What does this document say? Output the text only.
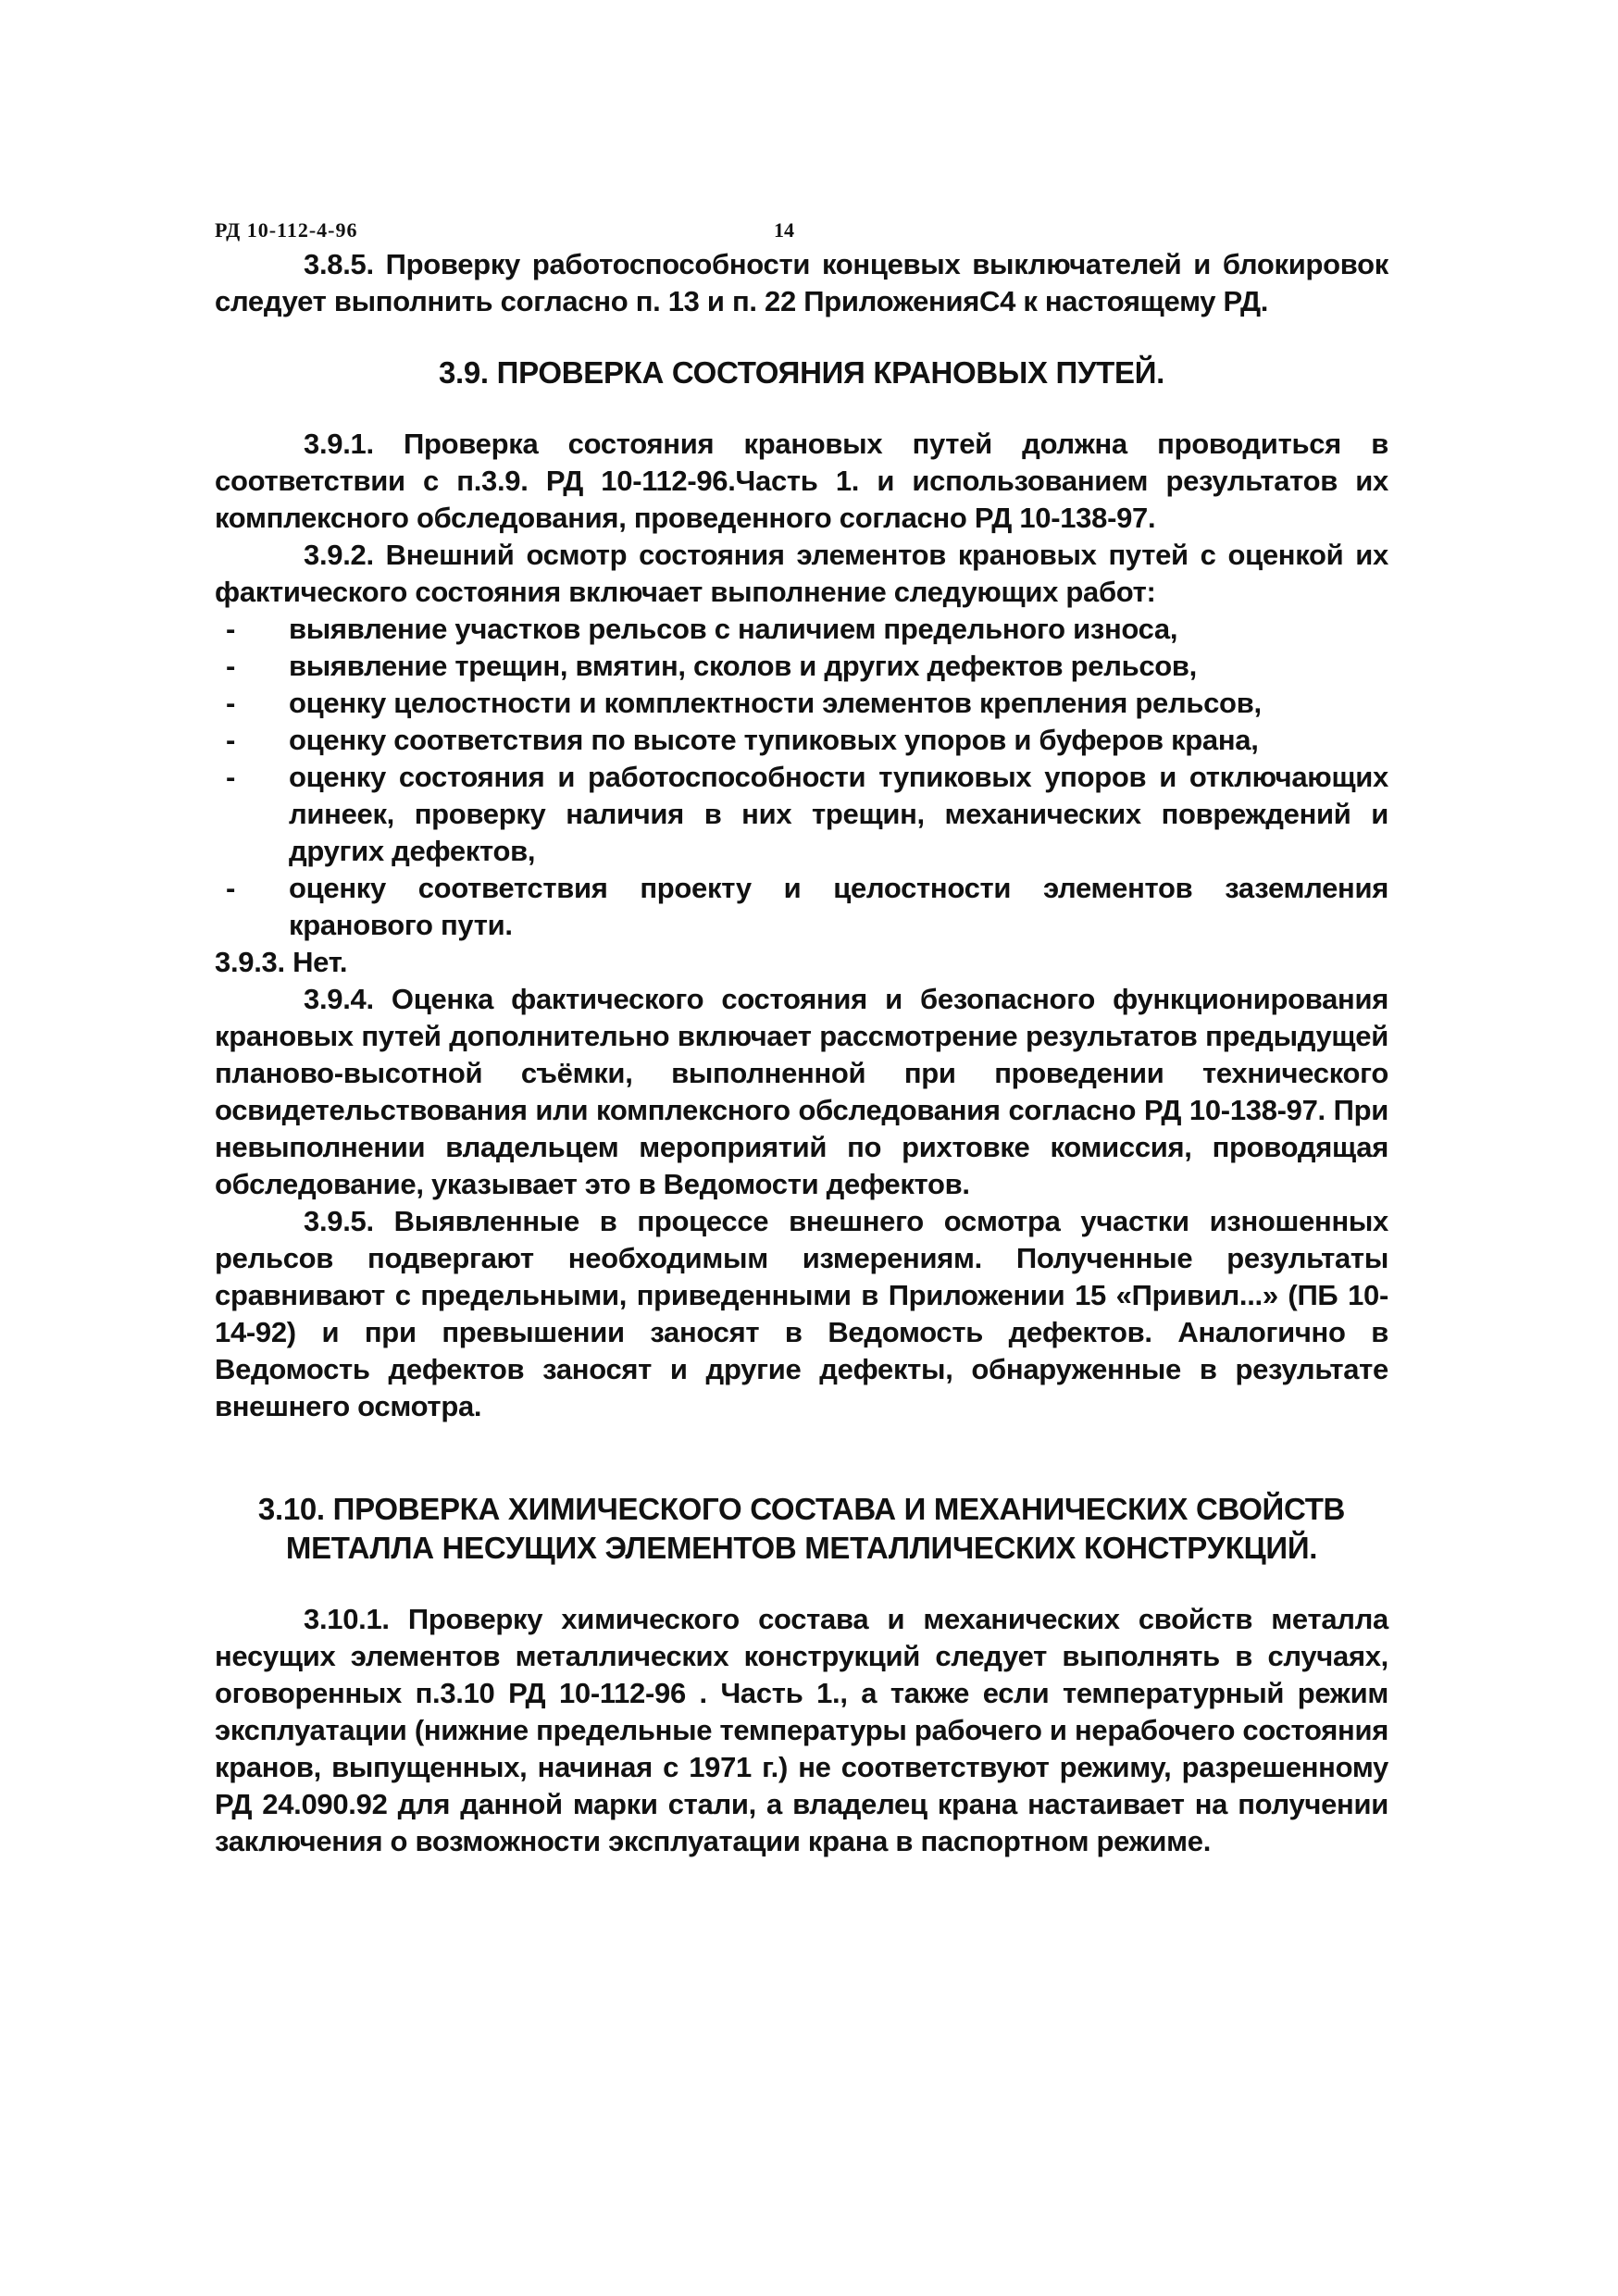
РД 10-112-4-96	14

3.8.5. Проверку работоспособности концевых выключателей и блокировок следует выполнить согласно п. 13 и п. 22 ПриложенияС4 к настоящему РД.

3.9. ПРОВЕРКА СОСТОЯНИЯ КРАНОВЫХ ПУТЕЙ.

3.9.1. Проверка состояния крановых путей должна проводиться в соответствии с п.3.9. РД 10-112-96.Часть 1. и использованием результатов их комплексного обследования, проведенного согласно РД 10-138-97.

3.9.2. Внешний осмотр состояния элементов крановых путей с оценкой их фактического состояния включает выполнение следующих работ:

- выявление участков рельсов с наличием предельного износа,
- выявление трещин, вмятин, сколов и других дефектов рельсов,
- оценку целостности и комплектности элементов крепления рельсов,
- оценку соответствия по высоте тупиковых упоров и буферов крана,
- оценку состояния и работоспособности тупиковых упоров и отключающих линеек, проверку наличия в них трещин, механических повреждений и других дефектов,
- оценку соответствия проекту и целостности элементов заземления кранового пути.

3.9.3. Нет.

3.9.4. Оценка фактического состояния и безопасного функционирования крановых путей дополнительно включает рассмотрение результатов предыдущей планово-высотной съёмки, выполненной при проведении технического освидетельствования или комплексного обследования согласно РД 10-138-97. При невыполнении владельцем мероприятий по рихтовке комиссия, проводящая обследование, указывает это в Ведомости дефектов.

3.9.5. Выявленные в процессе внешнего осмотра участки изношенных рельсов подвергают необходимым измерениям. Полученные результаты сравнивают с предельными, приведенными в Приложении 15 «Привил...» (ПБ 10-14-92) и при превышении заносят в Ведомость дефектов. Аналогично в Ведомость дефектов заносят и другие дефекты, обнаруженные в результате внешнего осмотра.

3.10. ПРОВЕРКА ХИМИЧЕСКОГО СОСТАВА И МЕХАНИЧЕСКИХ СВОЙСТВ МЕТАЛЛА НЕСУЩИХ ЭЛЕМЕНТОВ МЕТАЛЛИЧЕСКИХ КОНСТРУКЦИЙ.

3.10.1. Проверку химического состава и механических свойств металла несущих элементов металлических конструкций следует выполнять в случаях, оговоренных п.3.10 РД 10-112-96 . Часть 1., а также если температурный режим эксплуатации (нижние предельные температуры рабочего и нерабочего состояния кранов, выпущенных, начиная с 1971 г.) не соответствуют режиму, разрешенному РД 24.090.92 для данной марки стали, а владелец крана настаивает на получении заключения о возможности эксплуатации крана в паспортном режиме.
